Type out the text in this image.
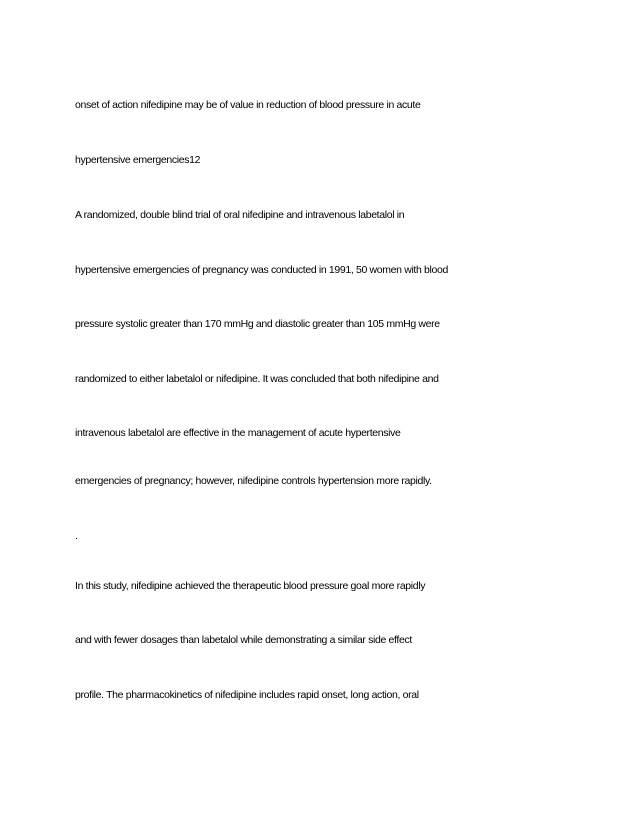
onset of action nifedipine may be of value in reduction of blood pressure in acute
hypertensive emergencies12
A randomized, double blind trial of oral nifedipine and intravenous labetalol in
hypertensive emergencies of pregnancy was conducted in 1991, 50 women with blood
pressure systolic greater than 170 mmHg and diastolic greater than 105 mmHg were
randomized to either labetalol or nifedipine. It was concluded that both nifedipine and
intravenous labetalol are effective in the management of acute hypertensive
emergencies of pregnancy; however, nifedipine controls hypertension more rapidly.
.
In this study, nifedipine achieved the therapeutic blood pressure goal more rapidly
and with fewer dosages than labetalol while demonstrating a similar side effect
profile. The pharmacokinetics of nifedipine includes rapid onset, long action, oral
